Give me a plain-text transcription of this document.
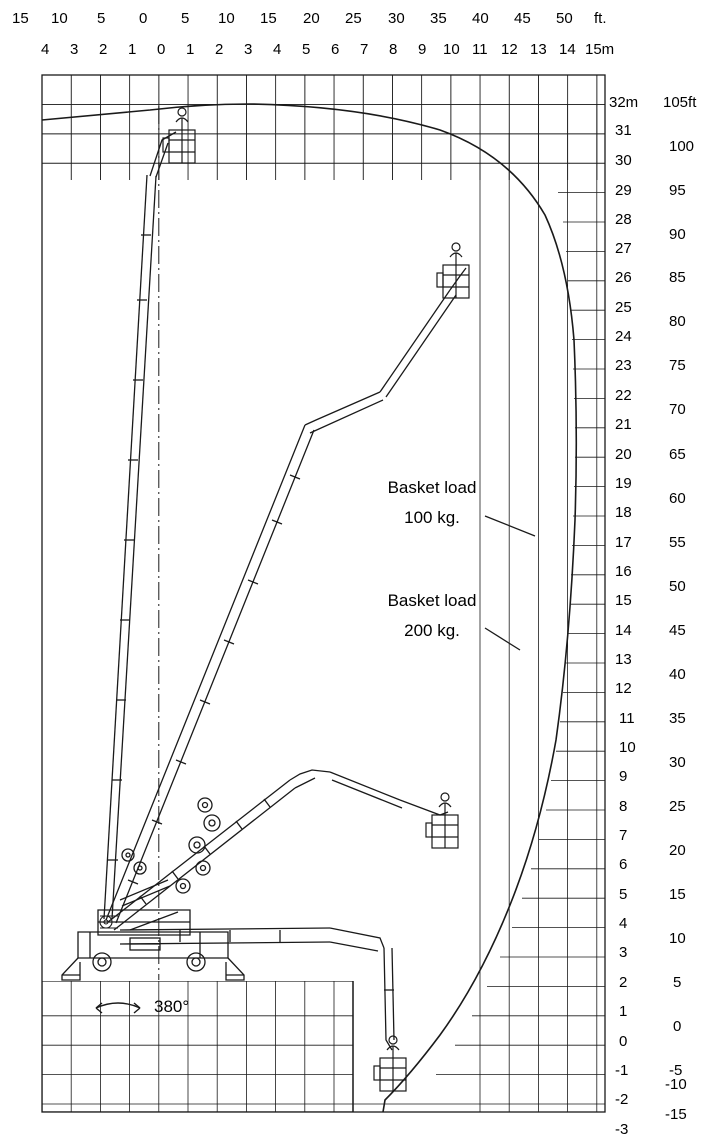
15 10 5 0 5 10 15 20 25 30 35 40 45 50 ft.
4 3 2 1 0 1 2 3 4 5 6 7 8 9 10 11 12 13 14 15m
32m
31
30
29
28
27
26
25
24
23
22
21
20
19
18
17
16
15
14
13
12
11
10
9
8
7
6
5
4
3
2
1
0
-1
-2
-3
105ft
100
95
90
85
80
75
70
65
60
55
50
45
40
35
30
25
20
15
10
5
0
-5
-10
-15
Basket load
100 kg.
Basket load
200 kg.
380°
